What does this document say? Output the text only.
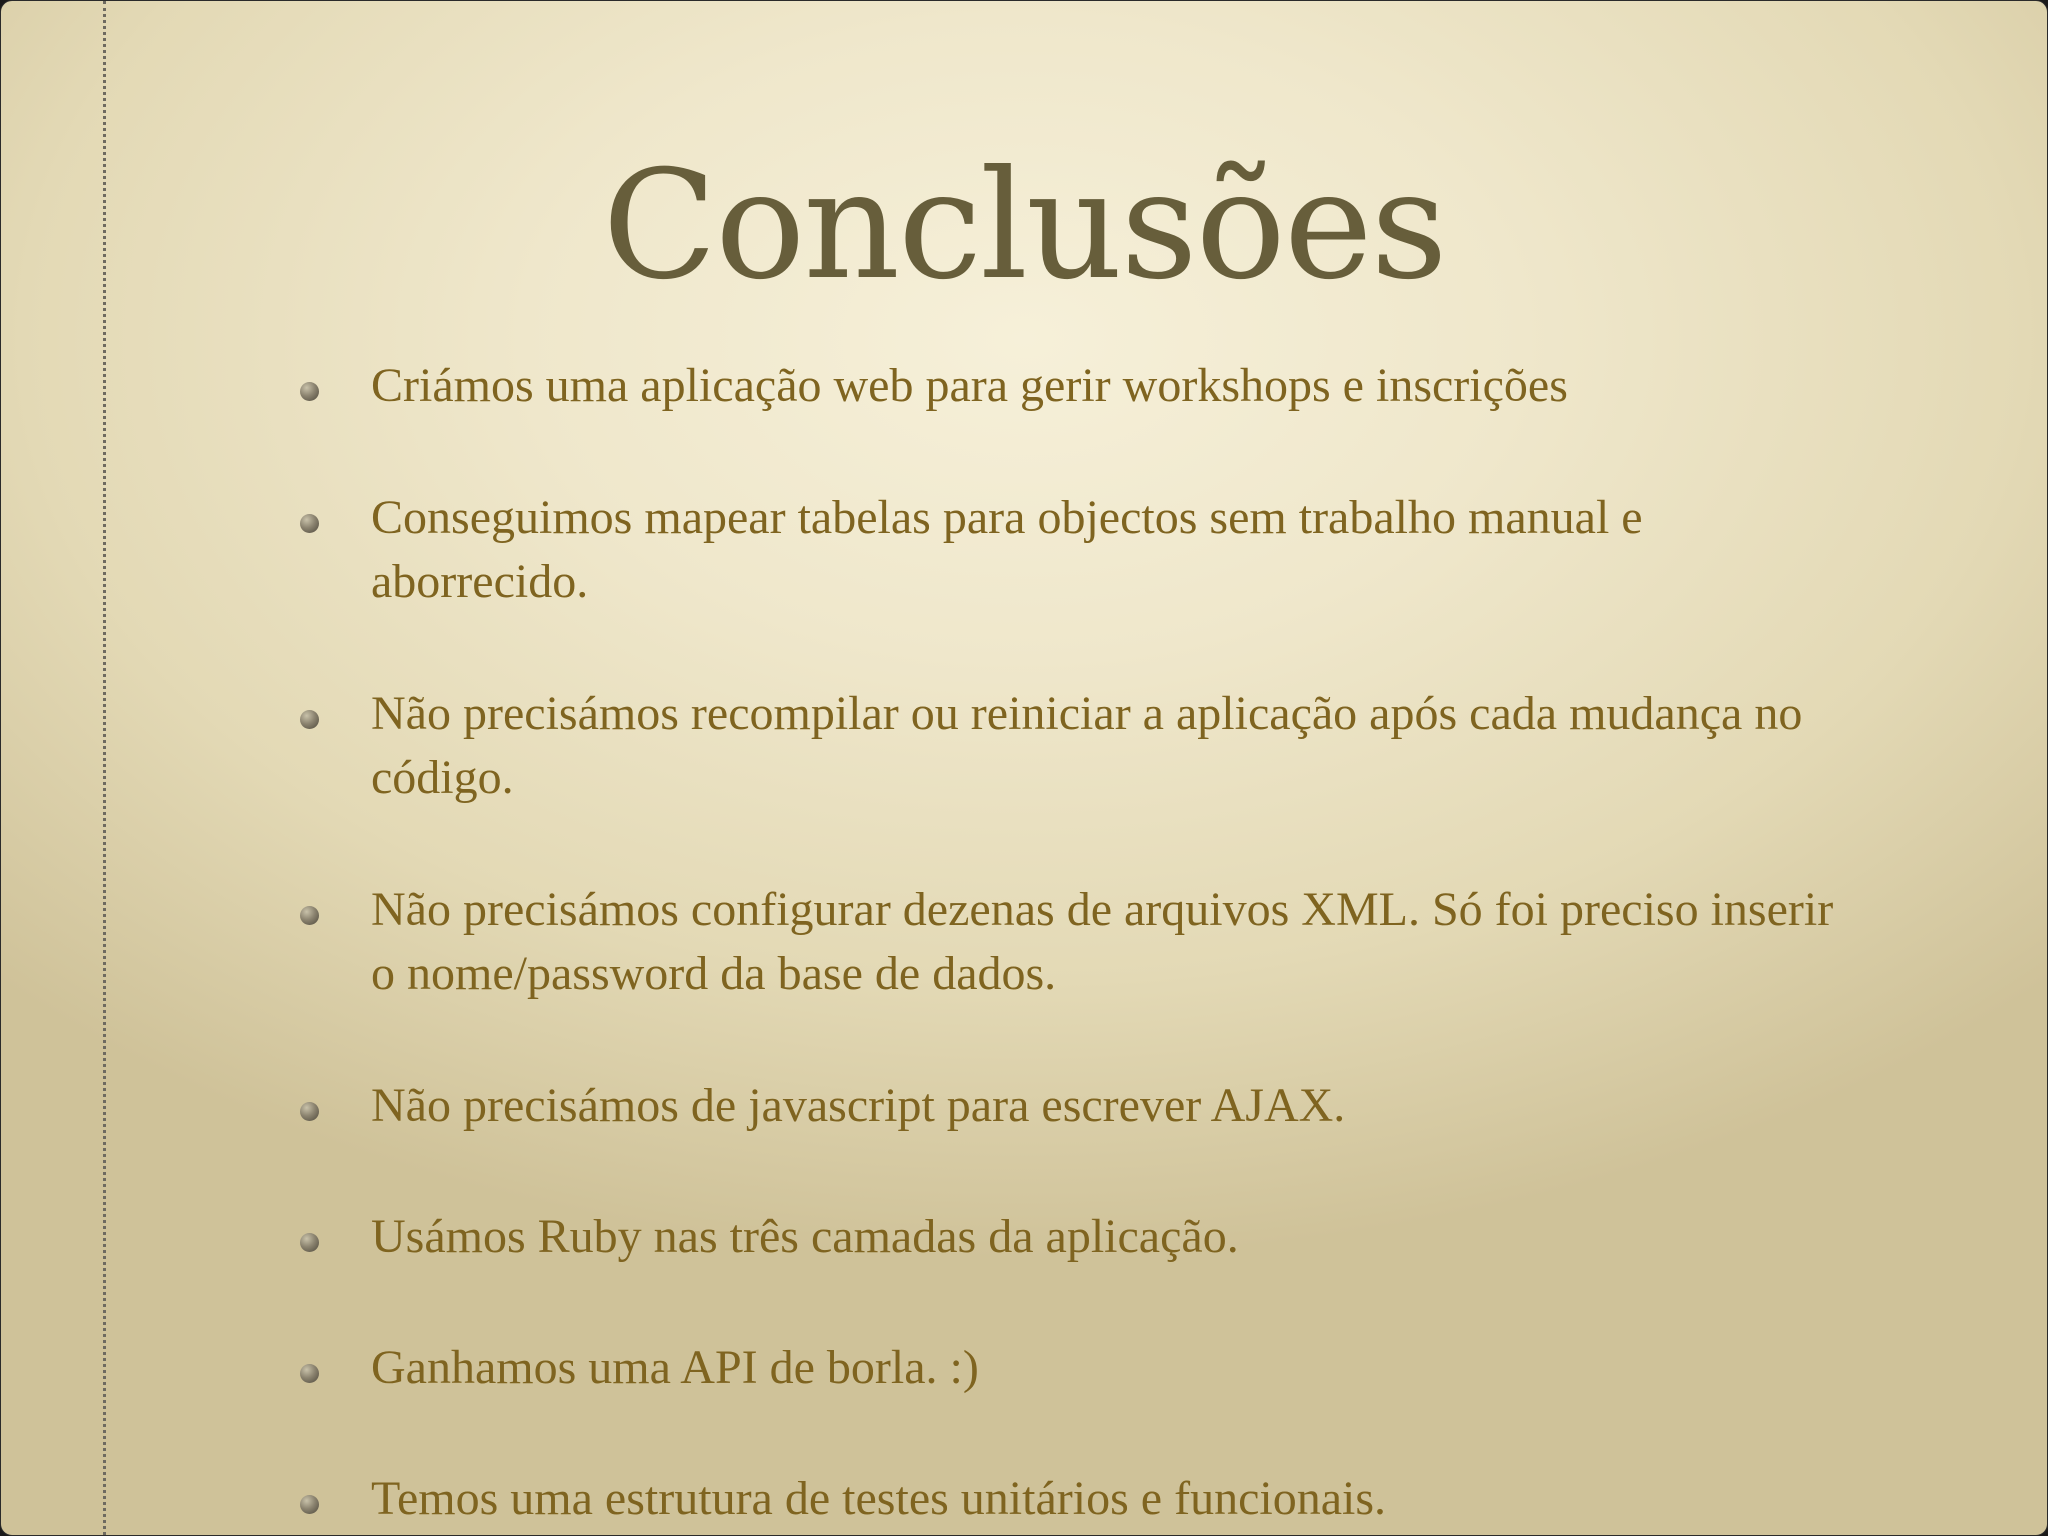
Conclusões
Criámos uma aplicação web para gerir workshops e inscrições
Conseguimos mapear tabelas para objectos sem trabalho manual e aborrecido.
Não precisámos recompilar ou reiniciar a aplicação após cada mudança no código.
Não precisámos configurar dezenas de arquivos XML. Só foi preciso inserir o nome/password da base de dados.
Não precisámos de javascript para escrever AJAX.
Usámos Ruby nas três camadas da aplicação.
Ganhamos uma API de borla. :)
Temos uma estrutura de testes unitários e funcionais.
